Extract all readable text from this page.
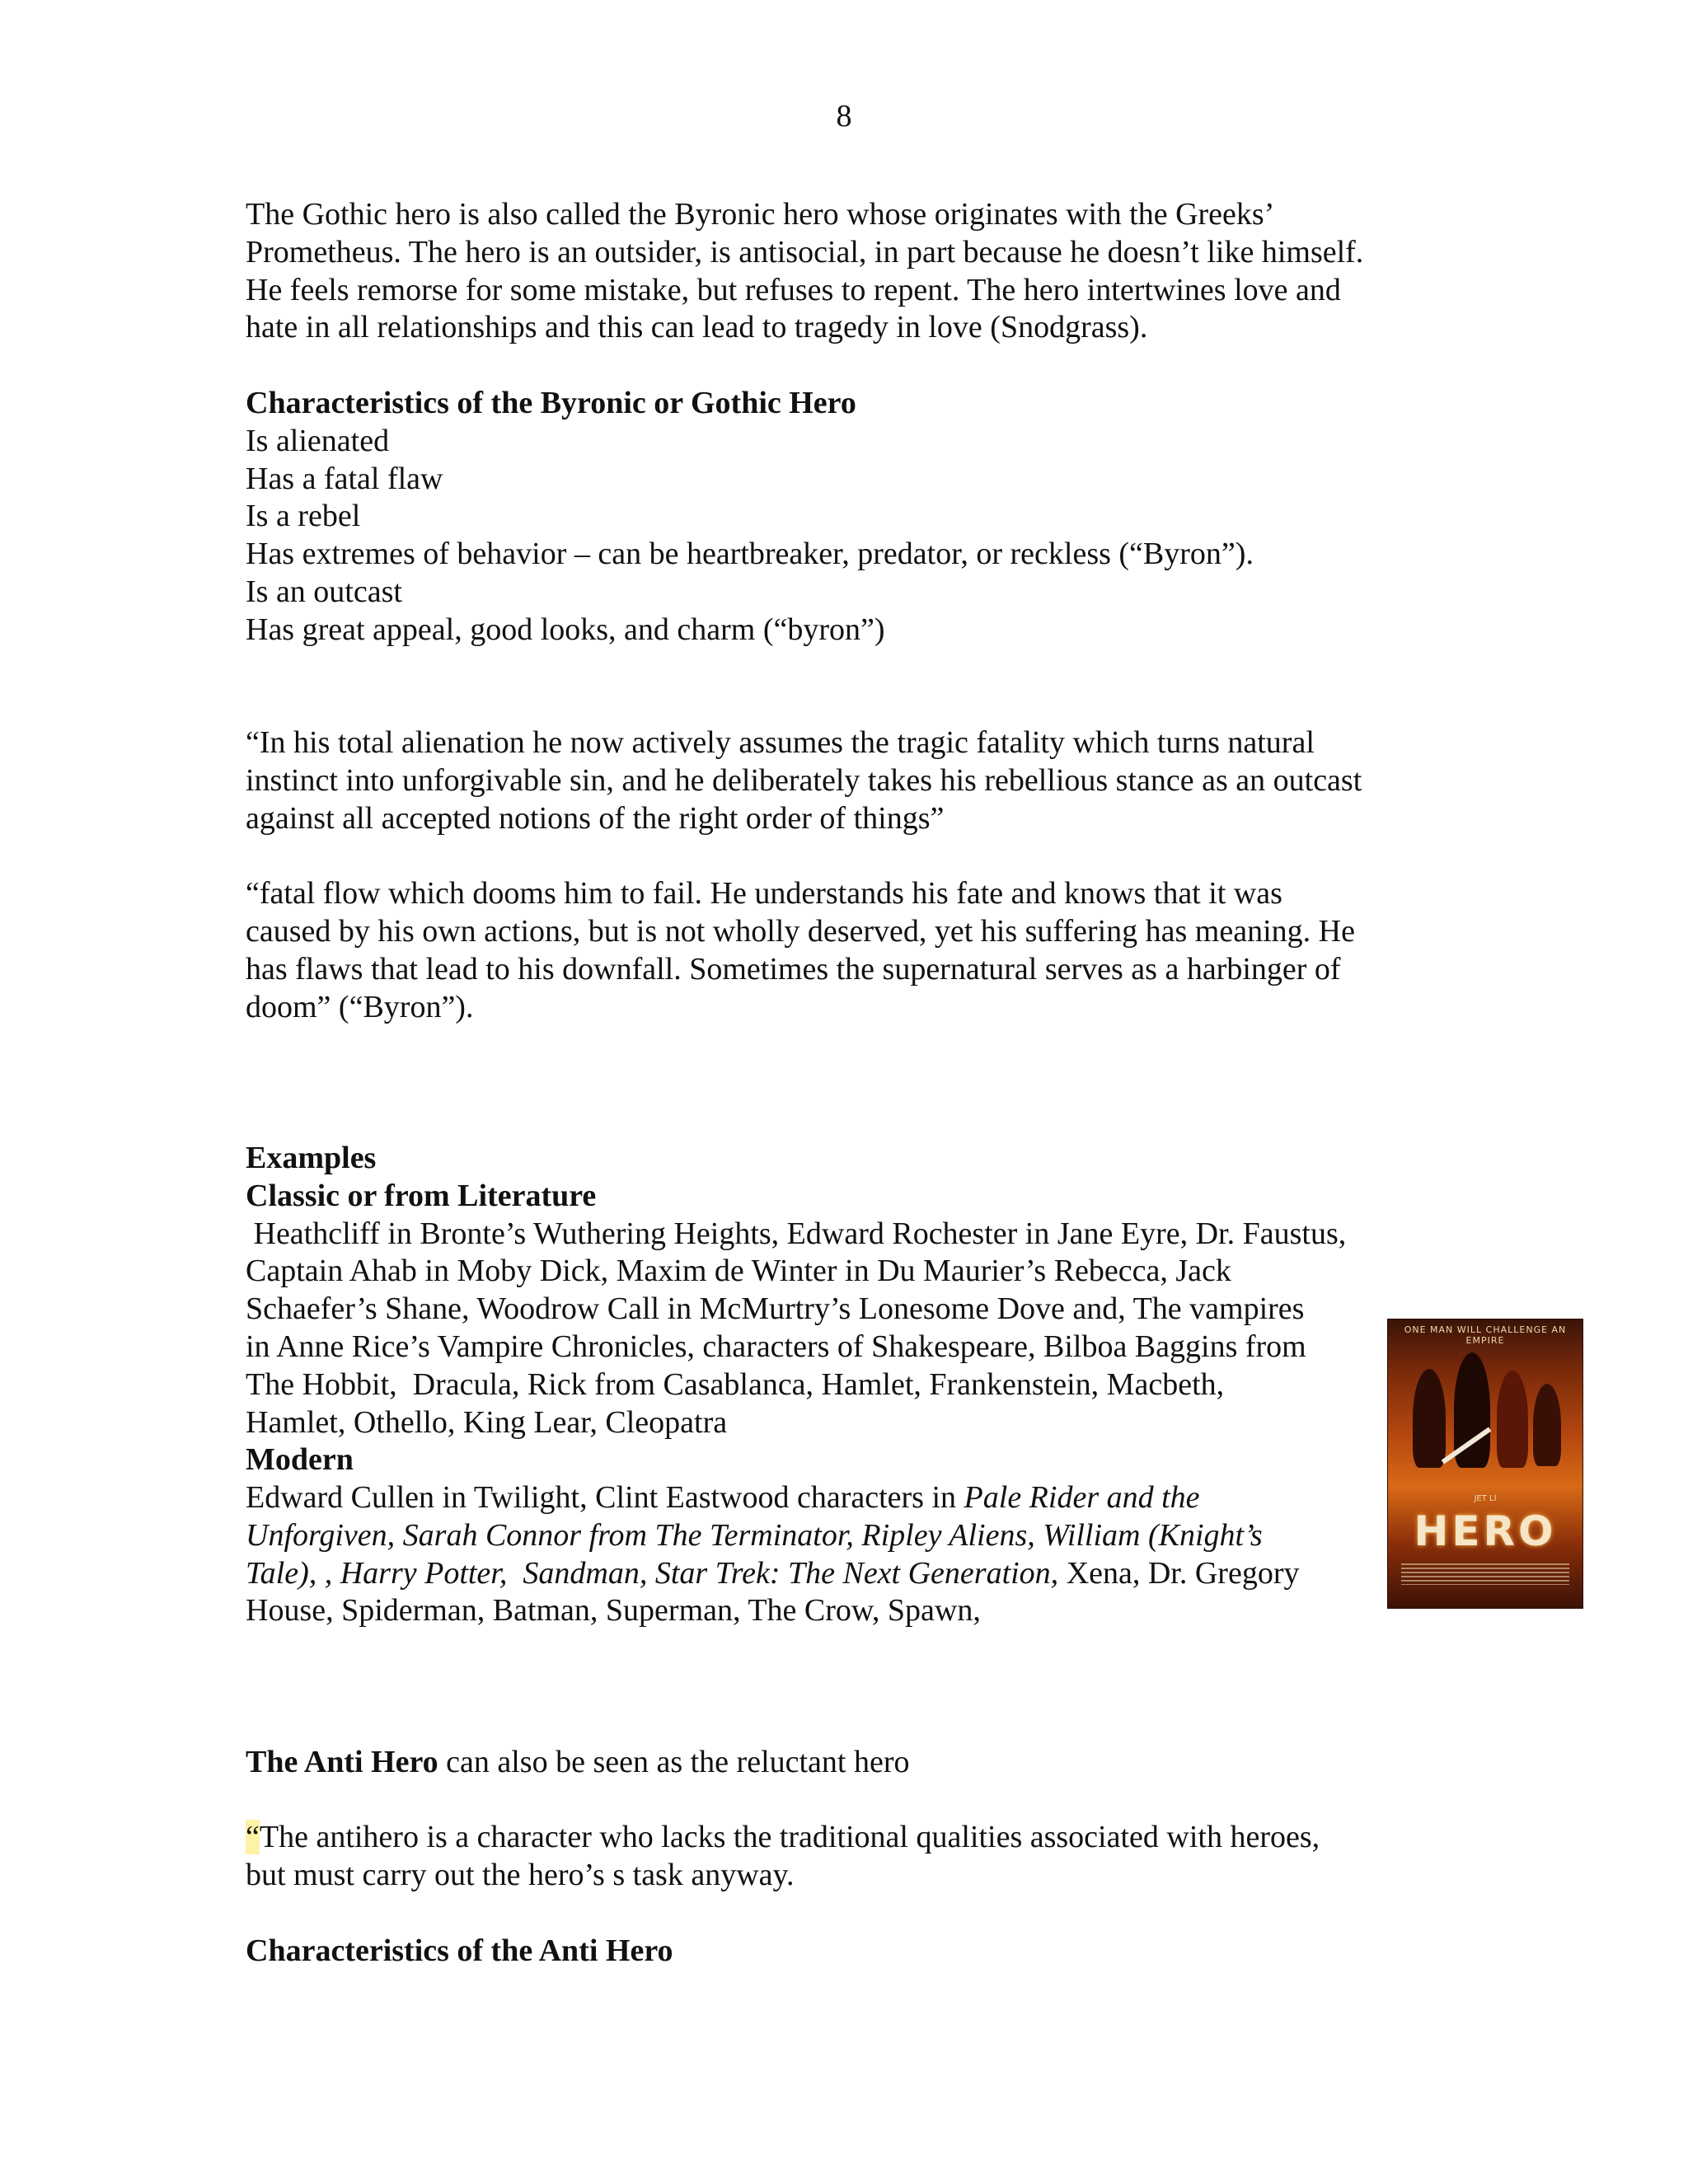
8

The Gothic hero is also called the Byronic hero whose originates with the Greeks’

Prometheus. The hero is an outsider, is antisocial, in part because he doesn’t like himself.

He feels remorse for some mistake, but refuses to repent. The hero intertwines love and

hate in all relationships and this can lead to tragedy in love (Snodgrass).

Characteristics of the Byronic or Gothic Hero

Is alienated

Has a fatal flaw

Is a rebel

Has extremes of behavior – can be heartbreaker, predator, or reckless (“Byron”).

Is an outcast

Has great appeal, good looks, and charm (“byron”)

“In his total alienation he now actively assumes the tragic fatality which turns natural

instinct into unforgivable sin, and he deliberately takes his rebellious stance as an outcast

against all accepted notions of the right order of things”

“fatal flow which dooms him to fail. He understands his fate and knows that it was

caused by his own actions, but is not wholly deserved, yet his suffering has meaning. He

has flaws that lead to his downfall. Sometimes the supernatural serves as a harbinger of

doom” (“Byron”).

Examples

Classic or from Literature

Heathcliff in Bronte’s Wuthering Heights, Edward Rochester in Jane Eyre, Dr. Faustus,

Captain Ahab in Moby Dick, Maxim de Winter in Du Maurier’s Rebecca, Jack

Schaefer’s Shane, Woodrow Call in McMurtry’s Lonesome Dove and, The vampires

in Anne Rice’s Vampire Chronicles, characters of Shakespeare, Bilboa Baggins from

The Hobbit,  Dracula, Rick from Casablanca, Hamlet, Frankenstein, Macbeth,

Hamlet, Othello, King Lear, Cleopatra

Modern

Edward Cullen in Twilight, Clint Eastwood characters in Pale Rider and the

Unforgiven, Sarah Connor from The Terminator, Ripley Aliens, William (Knight’s

Tale), , Harry Potter,  Sandman, Star Trek: The Next Generation, Xena, Dr. Gregory

House, Spiderman, Batman, Superman, The Crow, Spawn,

The Anti Hero can also be seen as the reluctant hero

“The antihero is a character who lacks the traditional qualities associated with heroes,

but must carry out the hero’s s task anyway.

Characteristics of the Anti Hero

ONE MAN WILL CHALLENGE AN EMPIRE
JET LI
HERO
